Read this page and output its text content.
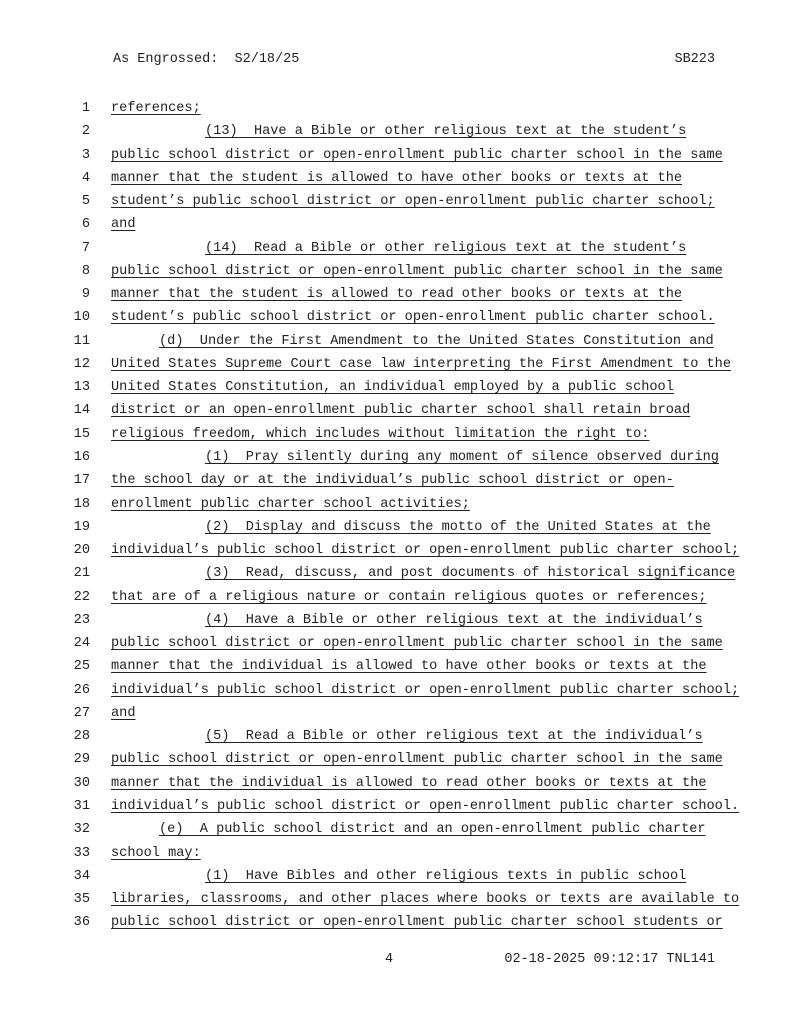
As Engrossed:  S2/18/25	SB223
1 references;
2	(13)  Have a Bible or other religious text at the student’s
3 public school district or open-enrollment public charter school in the same
4 manner that the student is allowed to have other books or texts at the
5 student’s public school district or open-enrollment public charter school;
6 and
7	(14)  Read a Bible or other religious text at the student’s
8 public school district or open-enrollment public charter school in the same
9 manner that the student is allowed to read other books or texts at the
10 student’s public school district or open-enrollment public charter school.
11	(d)  Under the First Amendment to the United States Constitution and
12 United States Supreme Court case law interpreting the First Amendment to the
13 United States Constitution, an individual employed by a public school
14 district or an open-enrollment public charter school shall retain broad
15 religious freedom, which includes without limitation the right to:
16	(1)  Pray silently during any moment of silence observed during
17 the school day or at the individual’s public school district or open-
18 enrollment public charter school activities;
19	(2)  Display and discuss the motto of the United States at the
20 individual’s public school district or open-enrollment public charter school;
21	(3)  Read, discuss, and post documents of historical significance
22 that are of a religious nature or contain religious quotes or references;
23	(4)  Have a Bible or other religious text at the individual’s
24 public school district or open-enrollment public charter school in the same
25 manner that the individual is allowed to have other books or texts at the
26 individual’s public school district or open-enrollment public charter school;
27 and
28	(5)  Read a Bible or other religious text at the individual’s
29 public school district or open-enrollment public charter school in the same
30 manner that the individual is allowed to read other books or texts at the
31 individual’s public school district or open-enrollment public charter school.
32	(e)  A public school district and an open-enrollment public charter
33 school may:
34	(1)  Have Bibles and other religious texts in public school
35 libraries, classrooms, and other places where books or texts are available to
36 public school district or open-enrollment public charter school students or
4	02-18-2025 09:12:17 TNL141
